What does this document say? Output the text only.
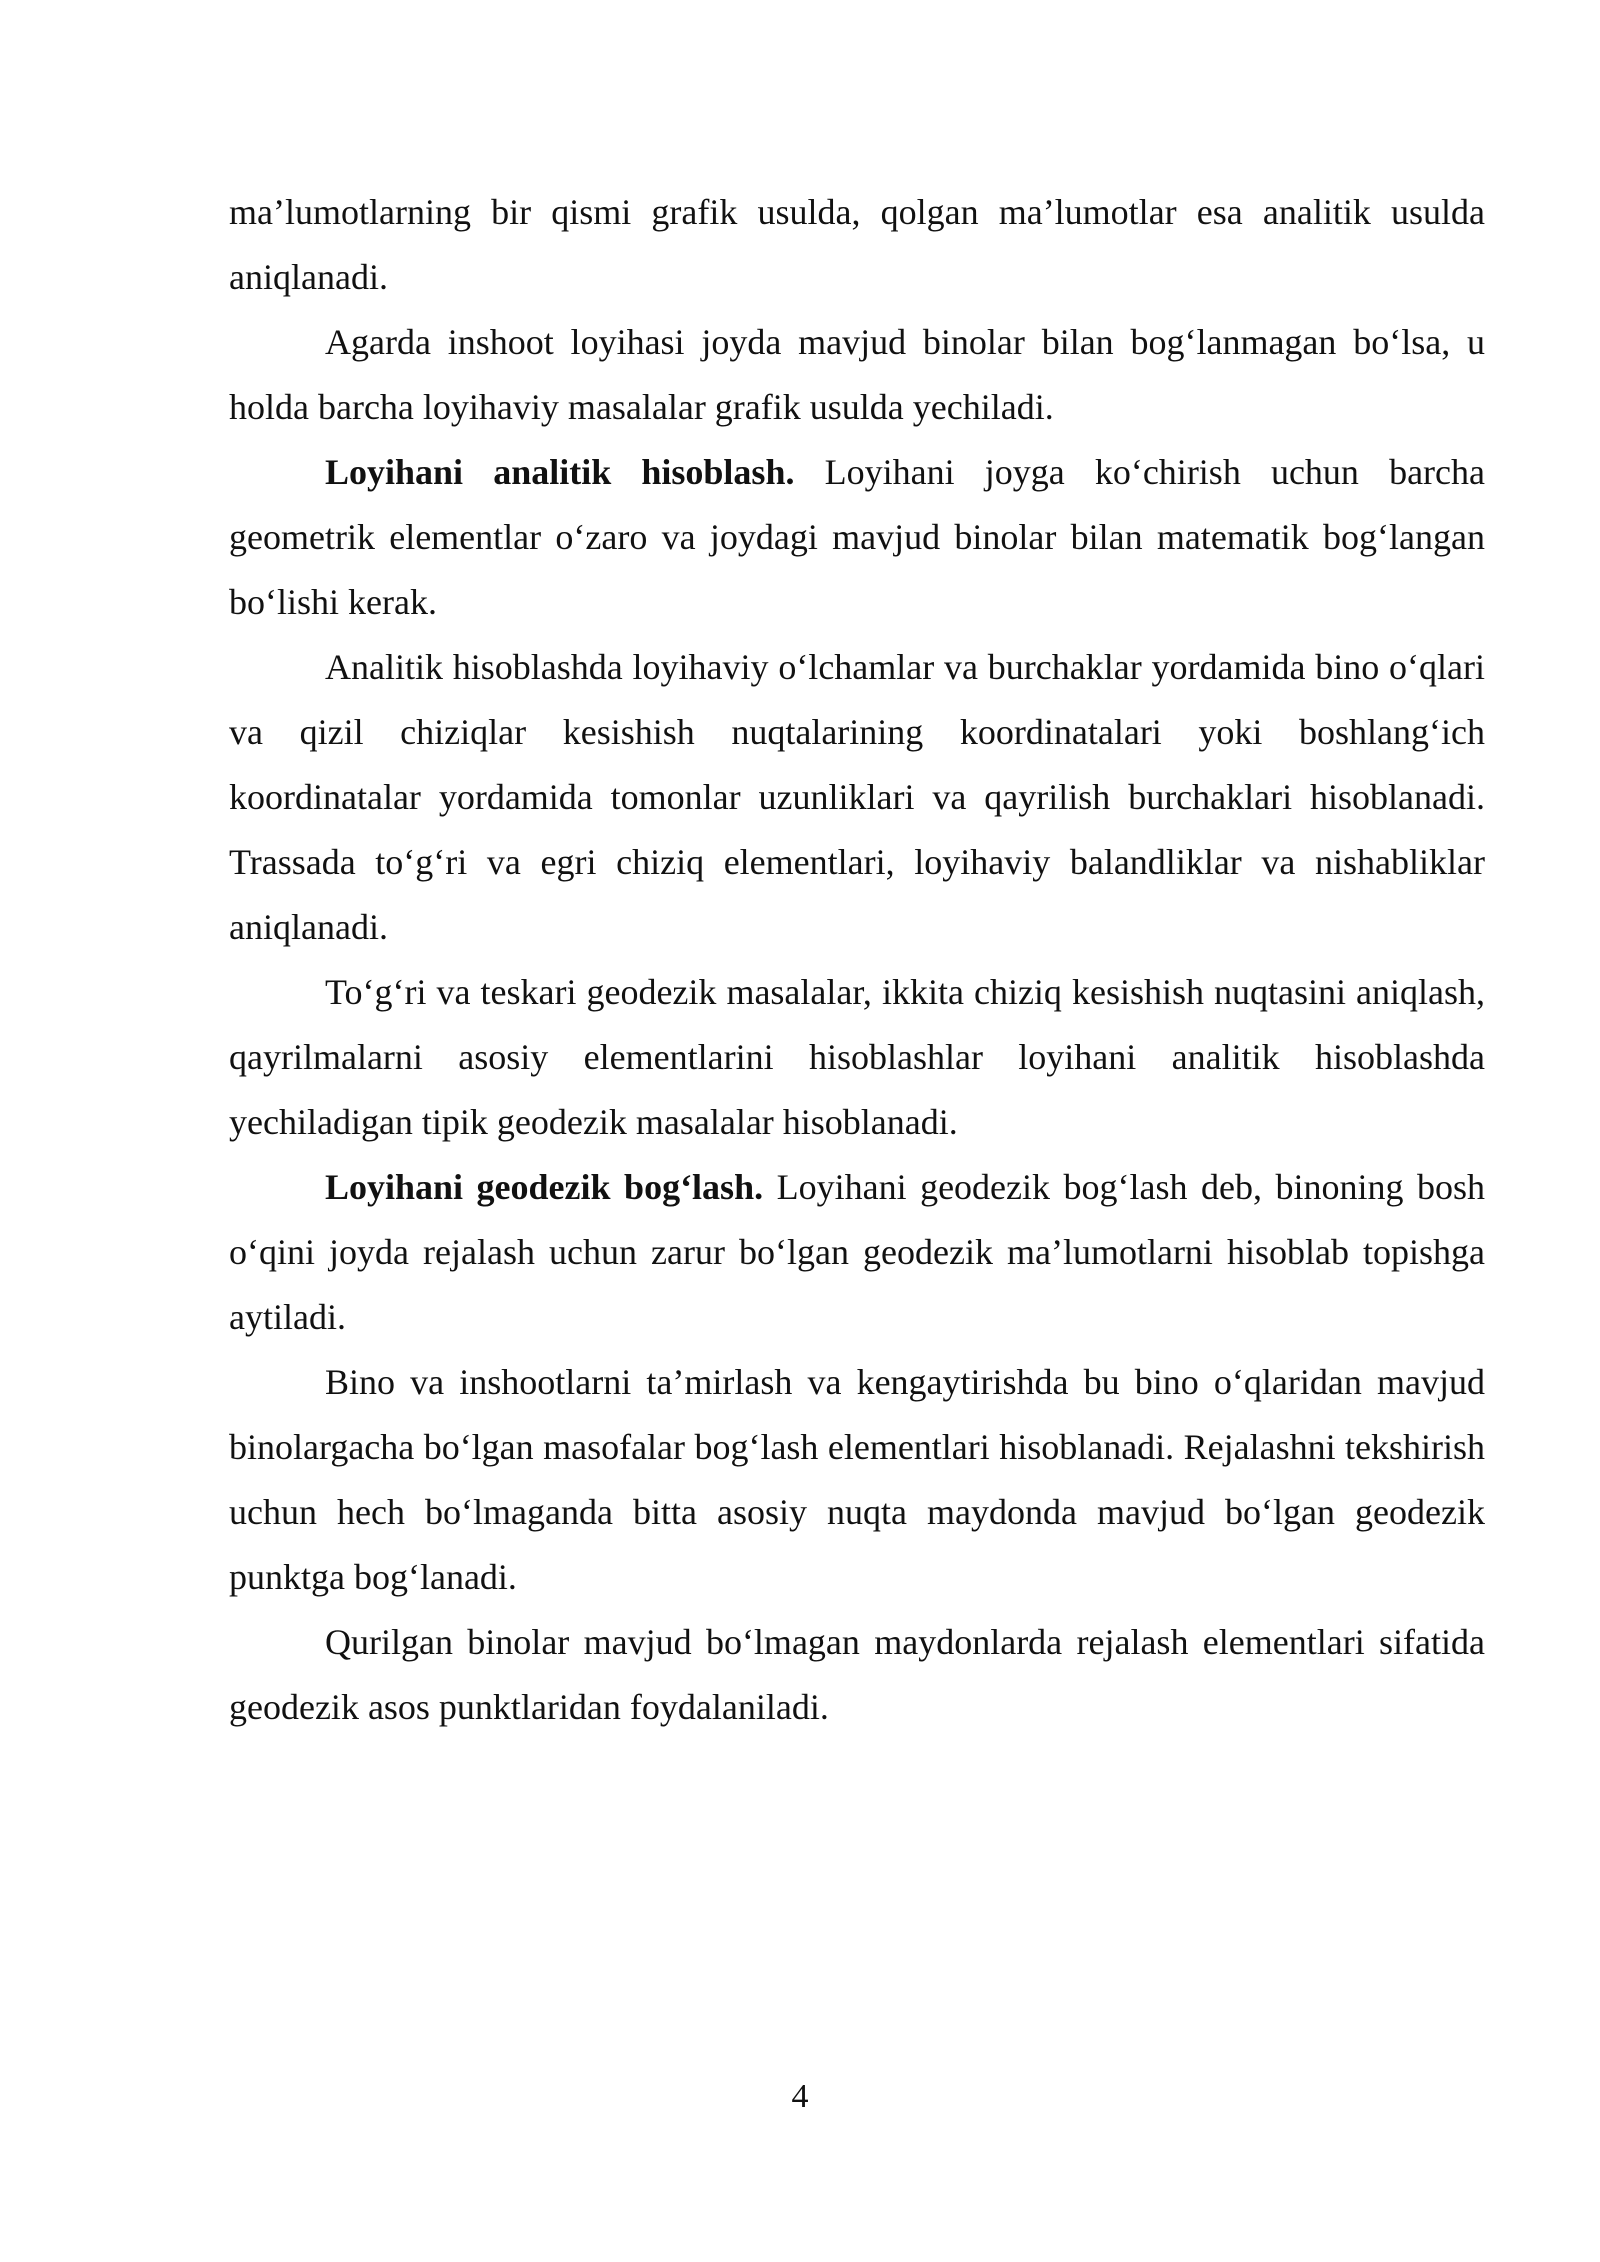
ma’lumotlarning bir qismi grafik usulda, qolgan ma’lumotlar esa analitik usulda aniqlanadi.

Agarda inshoot loyihasi joyda mavjud binolar bilan bog‘lanmagan bo‘lsa, u holda barcha loyihaviy masalalar grafik usulda yechiladi.

Loyihani analitik hisoblash. Loyihani joyga ko‘chirish uchun barcha geometrik elementlar o‘zaro va joydagi mavjud binolar bilan matematik bog‘langan bo‘lishi kerak.

Analitik hisoblashda loyihaviy o‘lchamlar va burchaklar yordamida bino o‘qlari va qizil chiziqlar kesishish nuqtalarining koordinatalari yoki boshlang‘ich koordinatalar yordamida tomonlar uzunliklari va qayrilish burchaklari hisoblanadi. Trassada to‘g‘ri va egri chiziq elementlari, loyihaviy balandliklar va nishabliklar aniqlanadi.

To‘g‘ri va teskari geodezik masalalar, ikkita chiziq kesishish nuqtasini aniqlash, qayrilmalarni asosiy elementlarini hisoblashlar loyihani analitik hisoblashda yechiladigan tipik geodezik masalalar hisoblanadi.

Loyihani geodezik bog‘lash. Loyihani geodezik bog‘lash deb, binoning bosh o‘qini joyda rejalash uchun zarur bo‘lgan geodezik ma’lumotlarni hisoblab topishga aytiladi.

Bino va inshootlarni ta’mirlash va kengaytirishda bu bino o‘qlaridan mavjud binolargacha bo‘lgan masofalar bog‘lash elementlari hisoblanadi. Rejalashni tekshirish uchun hech bo‘lmaganda bitta asosiy nuqta maydonda mavjud bo‘lgan geodezik punktga bog‘lanadi.

Qurilgan binolar mavjud bo‘lmagan maydonlarda rejalash elementlari sifatida geodezik asos punktlaridan foydalaniladi.

4
